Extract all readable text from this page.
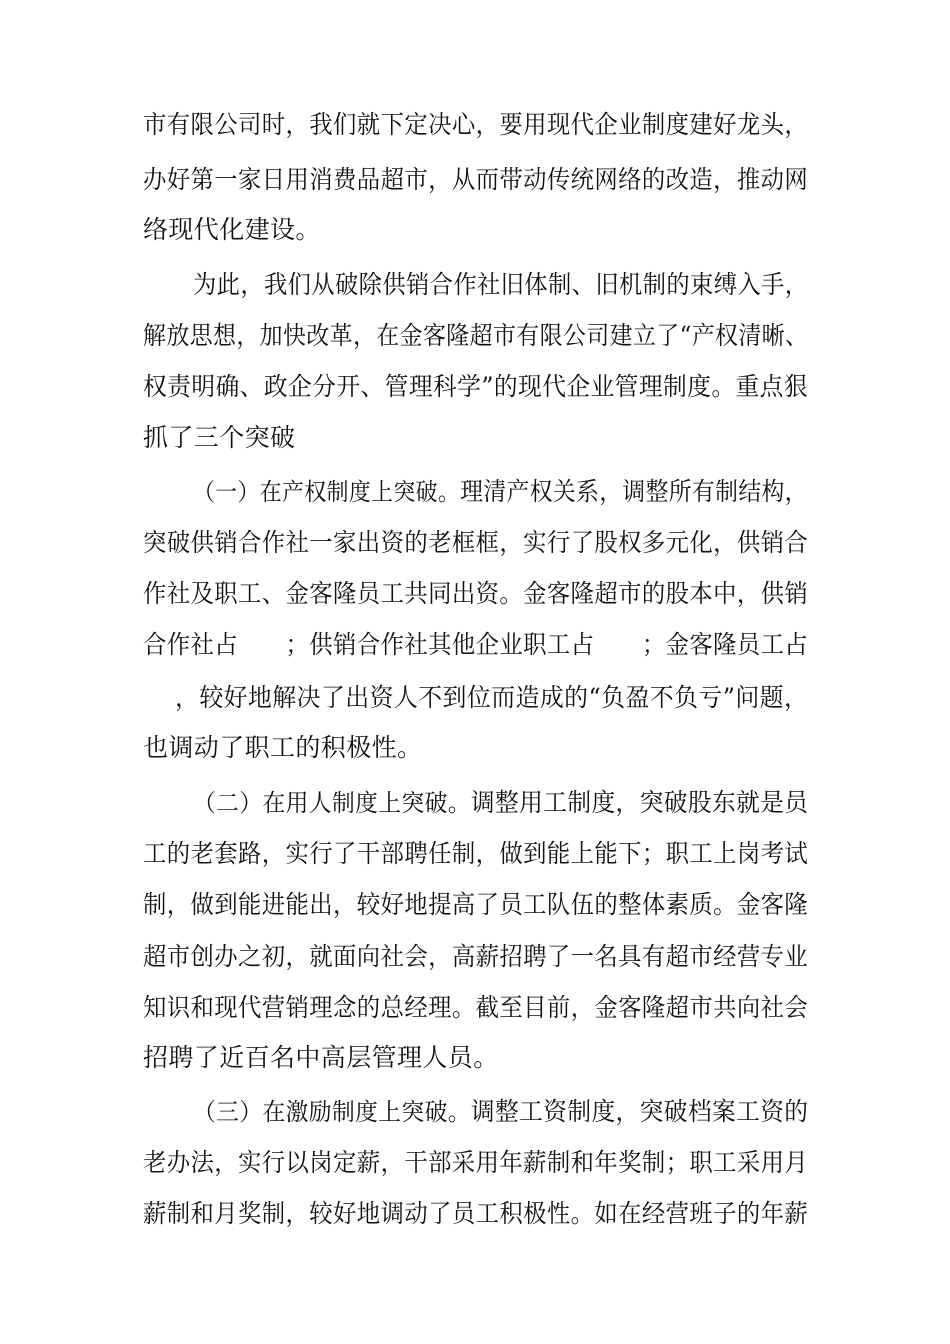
市有限公司时，我们就下定决心，要用现代企业制度建好龙头，
办好第一家日用消费品超市，从而带动传统网络的改造，推动网
络现代化建设。
为此，我们从破除供销合作社旧体制、旧机制的束缚入手，
解放思想，加快改革，在金客隆超市有限公司建立了“产权清晰、
权责明确、政企分开、管理科学”的现代企业管理制度。重点狠
抓了三个突破
（一）在产权制度上突破。理清产权关系，调整所有制结构，
突破供销合作社一家出资的老框框，实行了股权多元化，供销合
作社及职工、金客隆员工共同出资。金客隆超市的股本中，供销
合作社占　　；供销合作社其他企业职工占　　；金客隆员工占
，较好地解决了出资人不到位而造成的“负盈不负亏”问题，
也调动了职工的积极性。
（二）在用人制度上突破。调整用工制度，突破股东就是员
工的老套路，实行了干部聘任制，做到能上能下；职工上岗考试
制，做到能进能出，较好地提高了员工队伍的整体素质。金客隆
超市创办之初，就面向社会，高薪招聘了一名具有超市经营专业
知识和现代营销理念的总经理。截至目前，金客隆超市共向社会
招聘了近百名中高层管理人员。
（三）在激励制度上突破。调整工资制度，突破档案工资的
老办法，实行以岗定薪，干部采用年薪制和年奖制；职工采用月
薪制和月奖制，较好地调动了员工积极性。如在经营班子的年薪
